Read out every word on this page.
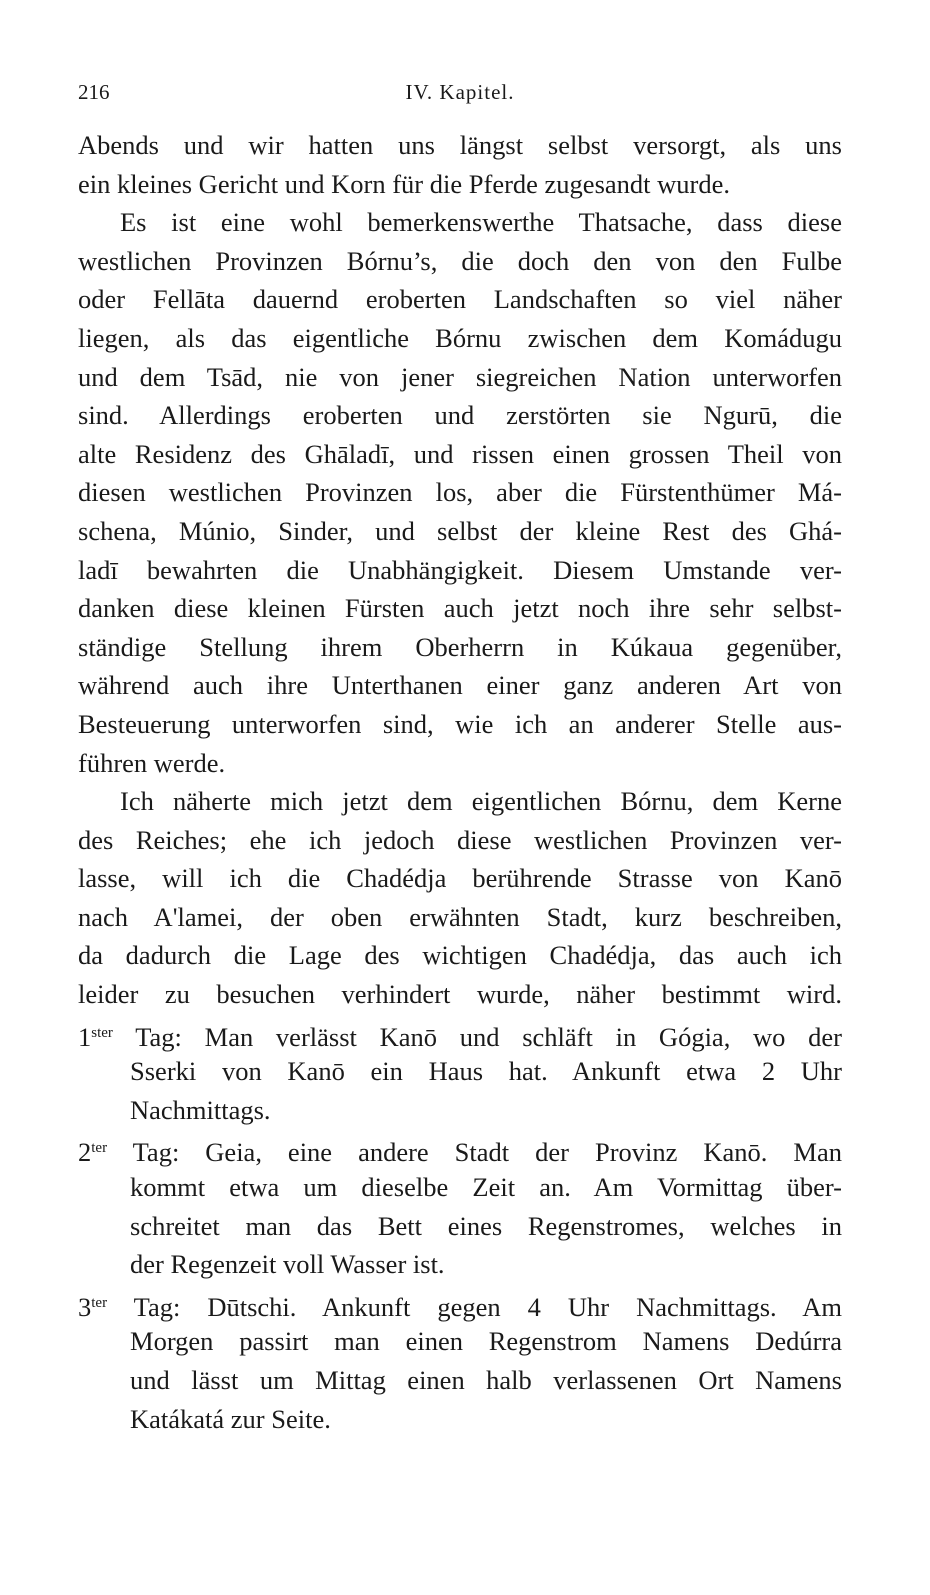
216	IV. Kapitel.
Abends und wir hatten uns längst selbst versorgt, als uns
ein kleines Gericht und Korn für die Pferde zugesandt wurde.
Es ist eine wohl bemerkenswerthe Thatsache, dass diese
westlichen Provinzen Bórnu’s, die doch den von den Fulbe
oder Fellāta dauernd eroberten Landschaften so viel näher
liegen, als das eigentliche Bórnu zwischen dem Komádugu
und dem Tsād, nie von jener siegreichen Nation unterworfen
sind. Allerdings eroberten und zerstörten sie Ngurū, die
alte Residenz des Ghāladī, und rissen einen grossen Theil von
diesen westlichen Provinzen los, aber die Fürstenthümer Má-
schena, Múnio, Sinder, und selbst der kleine Rest des Ghá-
ladī bewahrten die Unabhängigkeit. Diesem Umstande ver-
danken diese kleinen Fürsten auch jetzt noch ihre sehr selbst-
ständige Stellung ihrem Oberherrn in Kúkaua gegenüber,
während auch ihre Unterthanen einer ganz anderen Art von
Besteuerung unterworfen sind, wie ich an anderer Stelle aus-
führen werde.
Ich näherte mich jetzt dem eigentlichen Bórnu, dem Kerne
des Reiches; ehe ich jedoch diese westlichen Provinzen ver-
lasse, will ich die Chadédja berührende Strasse von Kanō
nach A'lamei, der oben erwähnten Stadt, kurz beschreiben,
da dadurch die Lage des wichtigen Chadédja, das auch ich
leider zu besuchen verhindert wurde, näher bestimmt wird.
$1^{ster}$ Tag: Man verlässt Kanō und schläft in Gógia, wo der
Sserki von Kanō ein Haus hat. Ankunft etwa 2 Uhr
Nachmittags.
$2^{ter}$ Tag: Geia, eine andere Stadt der Provinz Kanō. Man
kommt etwa um dieselbe Zeit an. Am Vormittag über-
schreitet man das Bett eines Regenstromes, welches in
der Regenzeit voll Wasser ist.
$3^{ter}$ Tag: Dūtschi. Ankunft gegen 4 Uhr Nachmittags. Am
Morgen passirt man einen Regenstrom Namens Dedúrra
und lässt um Mittag einen halb verlassenen Ort Namens
Katákatá zur Seite.
